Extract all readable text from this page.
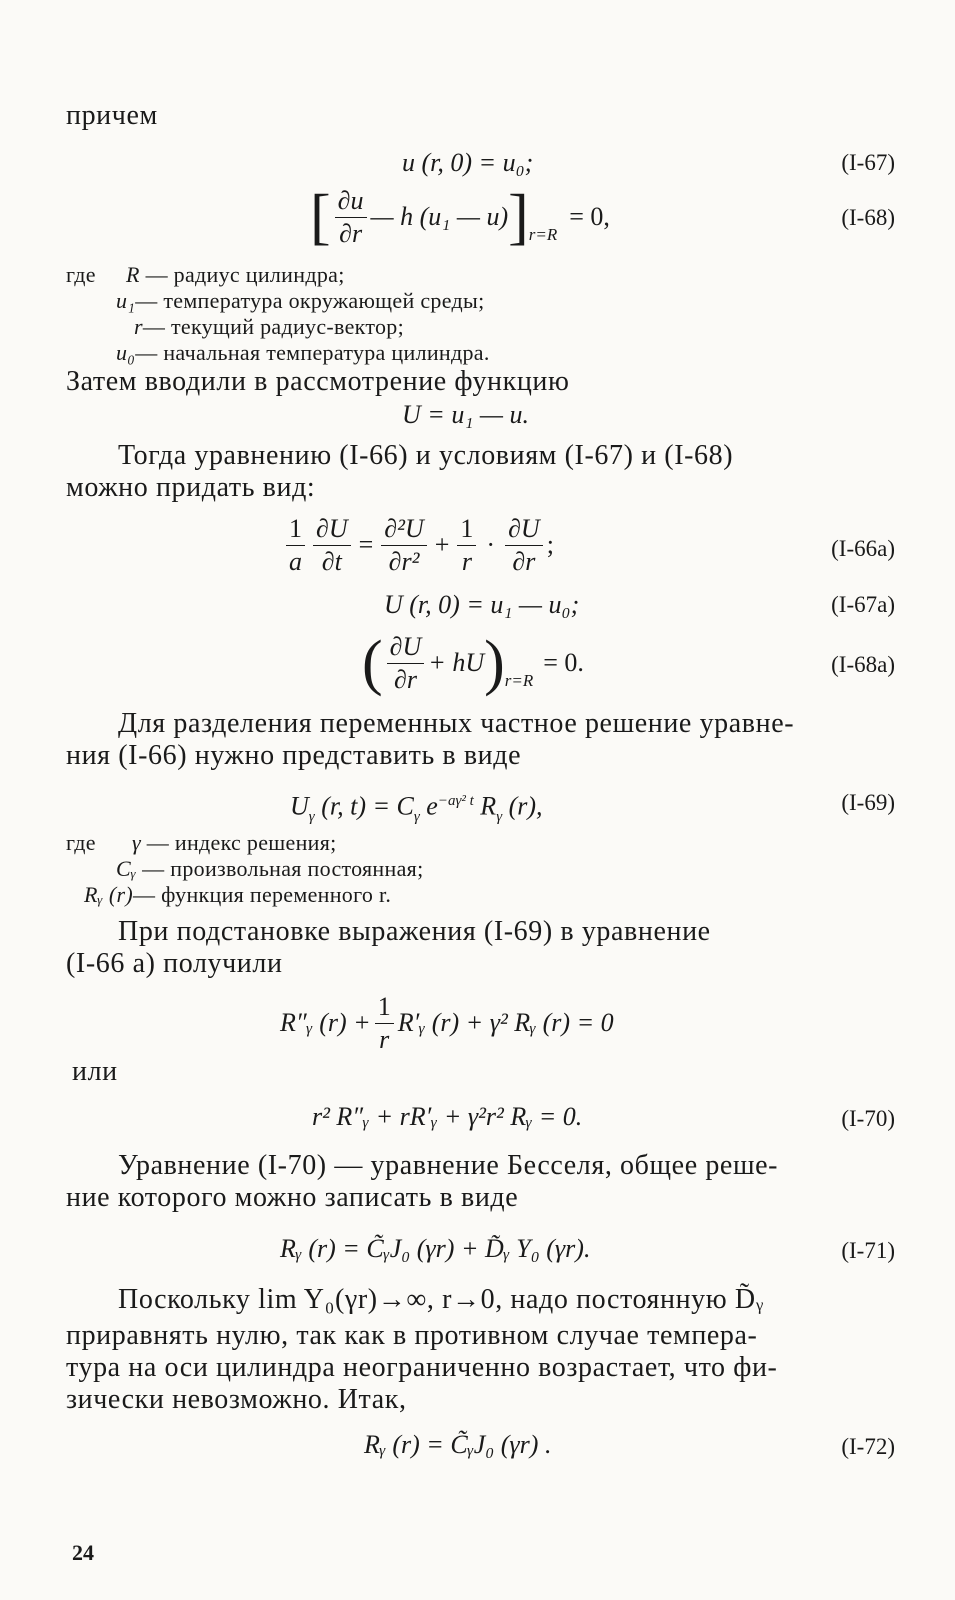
причем
u (r, 0) = u₀;	(I-67)
[ $\frac{\partial u}{\partial r}$ — h (u₁ — u) ] r=R
= 0,	(I-68)
где R — радиус цилиндра;
u₁— температура окружающей среды;
r— текущий радиус-вектор;
u₀— начальная температура цилиндра.
Затем вводили в рассмотрение функцию
U = u₁ — u.
Тогда уравнению (I-66) и условиям (I-67) и (I-68)
можно придать вид:
$\frac{1}{a} \frac{\partial U}{\partial t} = \frac{\text{∂²U}}{\text{∂r²}} + \frac{1}{r} \cdot \frac{\partial U}{\partial r}$ ;	(I-66a)
U (r, 0) = u₁ — u₀;	(I-67a)
( $\frac{\partial U}{\partial r}$ + hU ) r=R
= 0.	(I-68a)
Для разделения переменных частное решение уравне-
ния (I-66) нужно представить в виде
$U_\gamma$ (r, $t) = C_\gamma$ $e^{-a\gamma^2 t}$ $R_\gamma$ (r),	(I-69)
где γ — индекс решения;
Cᵧ — произвольная постоянная;
Rᵧ (r)— функция переменного r.
При подстановке выражения (I-69) в уравнение
(I-66 а) получили
R″ᵧ $(r) + \frac{1}{r}$ R′ᵧ (r) + γ² Rᵧ (r) = 0
или
r² R″ᵧ + rR′ᵧ + γ²r² Rᵧ = 0.	(I-70)
Уравнение (I-70) — уравнение Бесселя, общее реше-
ние которого можно записать в виде
Rᵧ (r) = C̃ᵧJ₀ (γr) + D̃ᵧ Y₀ (γr).	(I-71)
Поскольку lim Y₀(γr)→∞, r→0, надо постоянную D̃ᵧ
приравнять нулю, так как в противном случае темпера-
тура на оси цилиндра неограниченно возрастает, что фи-
зически невозможно. Итак,
Rᵧ (r) = C̃ᵧJ₀ (γr) .	(I-72)
24
